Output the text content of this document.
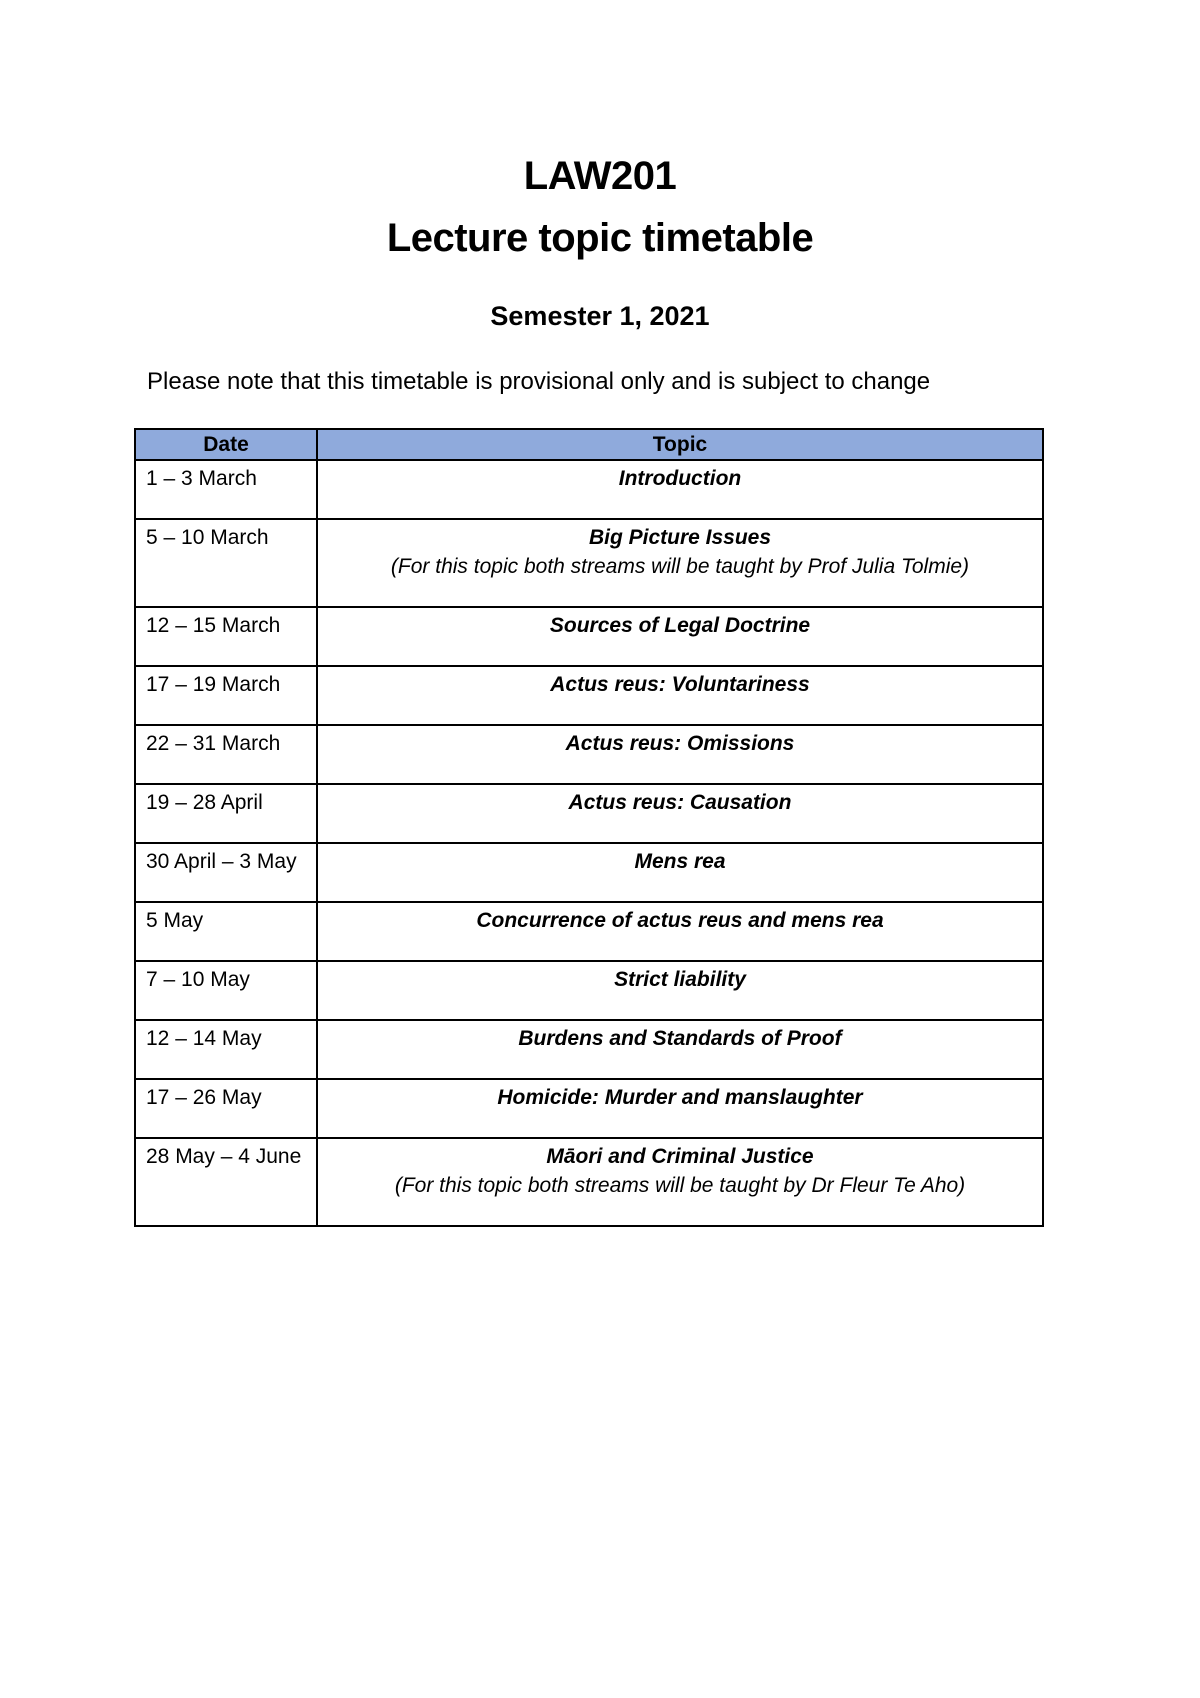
LAW201
Lecture topic timetable
Semester 1, 2021
Please note that this timetable is provisional only and is subject to change
Date	Topic
1 – 3 March	Introduction

5 – 10 March	Big Picture Issues
(For this topic both streams will be taught by Prof Julia Tolmie)

12 – 15 March	Sources of Legal Doctrine

17 – 19 March	Actus reus: Voluntariness

22 – 31 March	Actus reus: Omissions

19 – 28 April	Actus reus: Causation

30 April – 3 May	Mens rea

5 May	Concurrence of actus reus and mens rea

7 – 10 May	Strict liability

12 – 14 May	Burdens and Standards of Proof

17 – 26 May	Homicide: Murder and manslaughter

28 May – 4 June	Māori and Criminal Justice
(For this topic both streams will be taught by Dr Fleur Te Aho)
